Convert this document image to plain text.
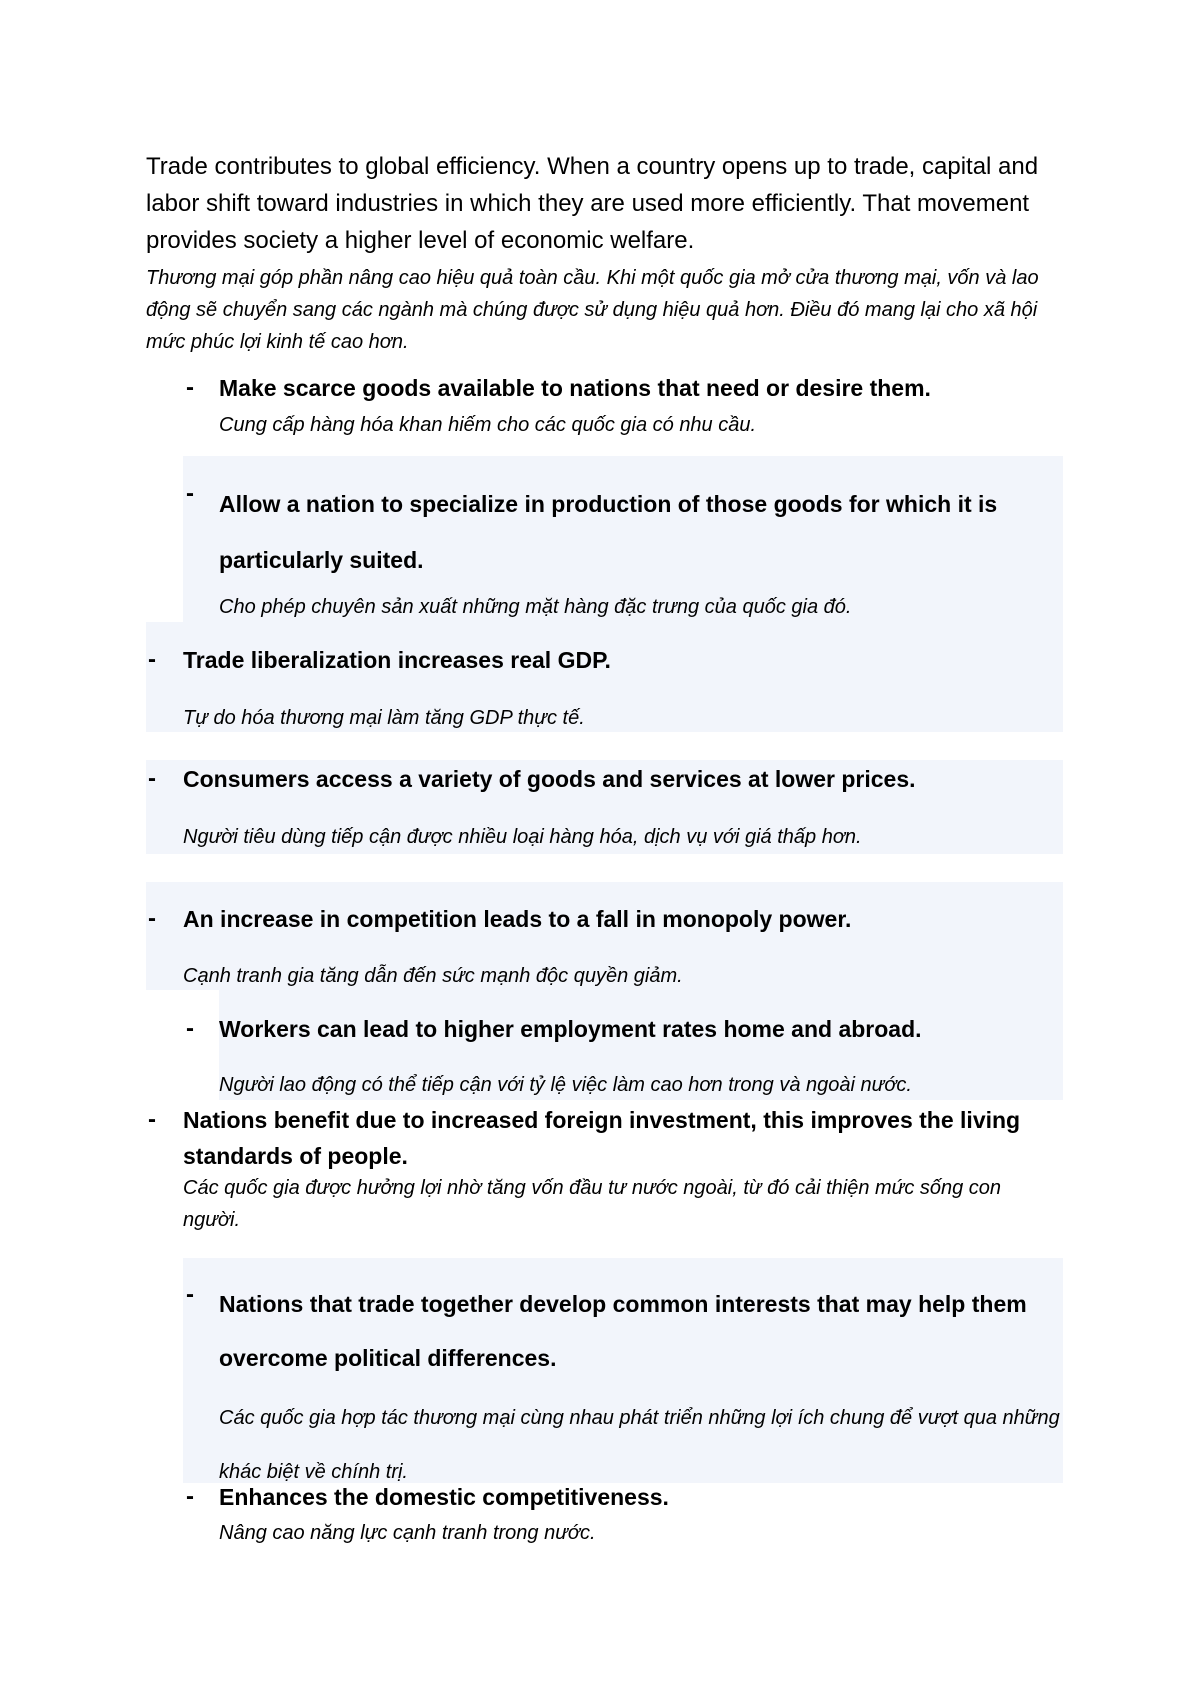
Trade contributes to global efficiency. When a country opens up to trade, capital and labor shift toward industries in which they are used more efficiently. That movement provides society a higher level of economic welfare.
Thương mại góp phần nâng cao hiệu quả toàn cầu. Khi một quốc gia mở cửa thương mại, vốn và lao động sẽ chuyển sang các ngành mà chúng được sử dụng hiệu quả hơn. Điều đó mang lại cho xã hội mức phúc lợi kinh tế cao hơn.
- Make scarce goods available to nations that need or desire them.
Cung cấp hàng hóa khan hiếm cho các quốc gia có nhu cầu.
- Allow a nation to specialize in production of those goods for which it is particularly suited.
Cho phép chuyên sản xuất những mặt hàng đặc trưng của quốc gia đó.
- Trade liberalization increases real GDP.
Tự do hóa thương mại làm tăng GDP thực tế.
- Consumers access a variety of goods and services at lower prices.
Người tiêu dùng tiếp cận được nhiều loại hàng hóa, dịch vụ với giá thấp hơn.
- An increase in competition leads to a fall in monopoly power.
Cạnh tranh gia tăng dẫn đến sức mạnh độc quyền giảm.
- Workers can lead to higher employment rates home and abroad.
Người lao động có thể tiếp cận với tỷ lệ việc làm cao hơn trong và ngoài nước.
- Nations benefit due to increased foreign investment, this improves the living standards of people.
Các quốc gia được hưởng lợi nhờ tăng vốn đầu tư nước ngoài, từ đó cải thiện mức sống con người.
- Nations that trade together develop common interests that may help them overcome political differences.
Các quốc gia hợp tác thương mại cùng nhau phát triển những lợi ích chung để vượt qua những khác biệt về chính trị.
- Enhances the domestic competitiveness.
Nâng cao năng lực cạnh tranh trong nước.
